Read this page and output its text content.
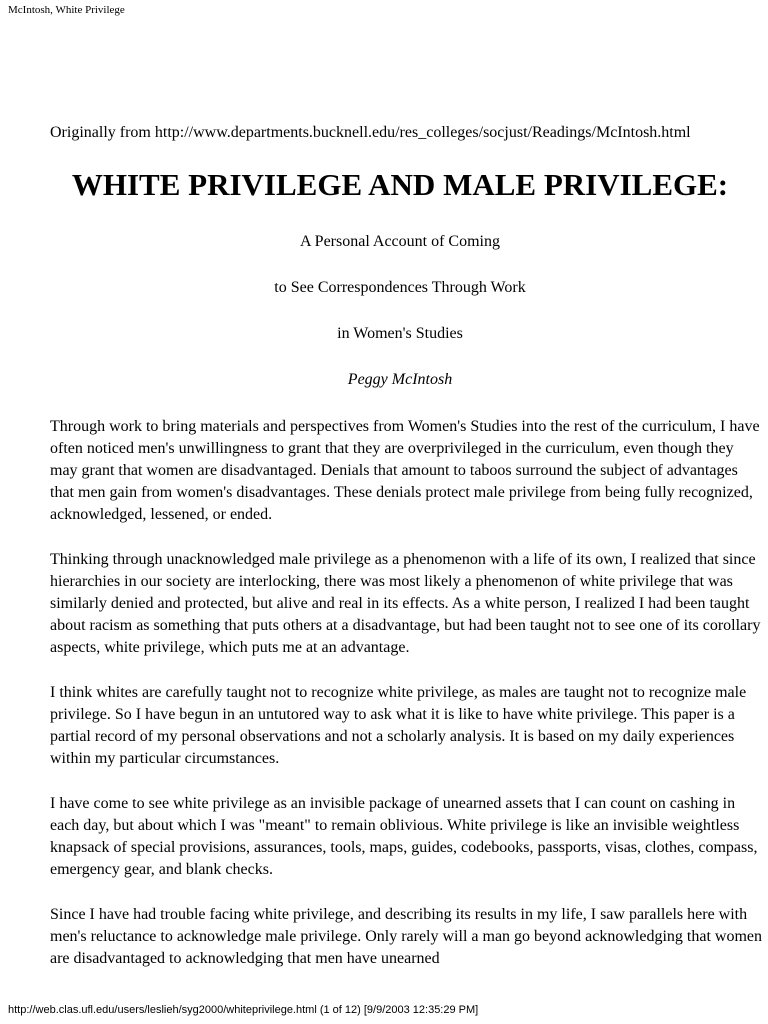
McIntosh, White Privilege
Originally from http://www.departments.bucknell.edu/res_colleges/socjust/Readings/McIntosh.html
WHITE PRIVILEGE AND MALE PRIVILEGE:
A Personal Account of Coming
to See Correspondences Through Work
in Women's Studies
Peggy McIntosh

Through work to bring materials and perspectives from Women's Studies into the rest of the curriculum, I have often noticed men's unwillingness to grant that they are overprivileged in the curriculum, even though they may grant that women are disadvantaged. Denials that amount to taboos surround the subject of advantages that men gain from women's disadvantages. These denials protect male privilege from being fully recognized, acknowledged, lessened, or ended.

Thinking through unacknowledged male privilege as a phenomenon with a life of its own, I realized that since hierarchies in our society are interlocking, there was most likely a phenomenon of white privilege that was similarly denied and protected, but alive and real in its effects. As a white person, I realized I had been taught about racism as something that puts others at a disadvantage, but had been taught not to see one of its corollary aspects, white privilege, which puts me at an advantage.

I think whites are carefully taught not to recognize white privilege, as males are taught not to recognize male privilege. So I have begun in an untutored way to ask what it is like to have white privilege. This paper is a partial record of my personal observations and not a scholarly analysis. It is based on my daily experiences within my particular circumstances.

I have come to see white privilege as an invisible package of unearned assets that I can count on cashing in each day, but about which I was "meant" to remain oblivious. White privilege is like an invisible weightless knapsack of special provisions, assurances, tools, maps, guides, codebooks, passports, visas, clothes, compass, emergency gear, and blank checks.

Since I have had trouble facing white privilege, and describing its results in my life, I saw parallels here with men's reluctance to acknowledge male privilege. Only rarely will a man go beyond acknowledging that women are disadvantaged to acknowledging that men have unearned

http://web.clas.ufl.edu/users/leslieh/syg2000/whiteprivilege.html (1 of 12) [9/9/2003 12:35:29 PM]
